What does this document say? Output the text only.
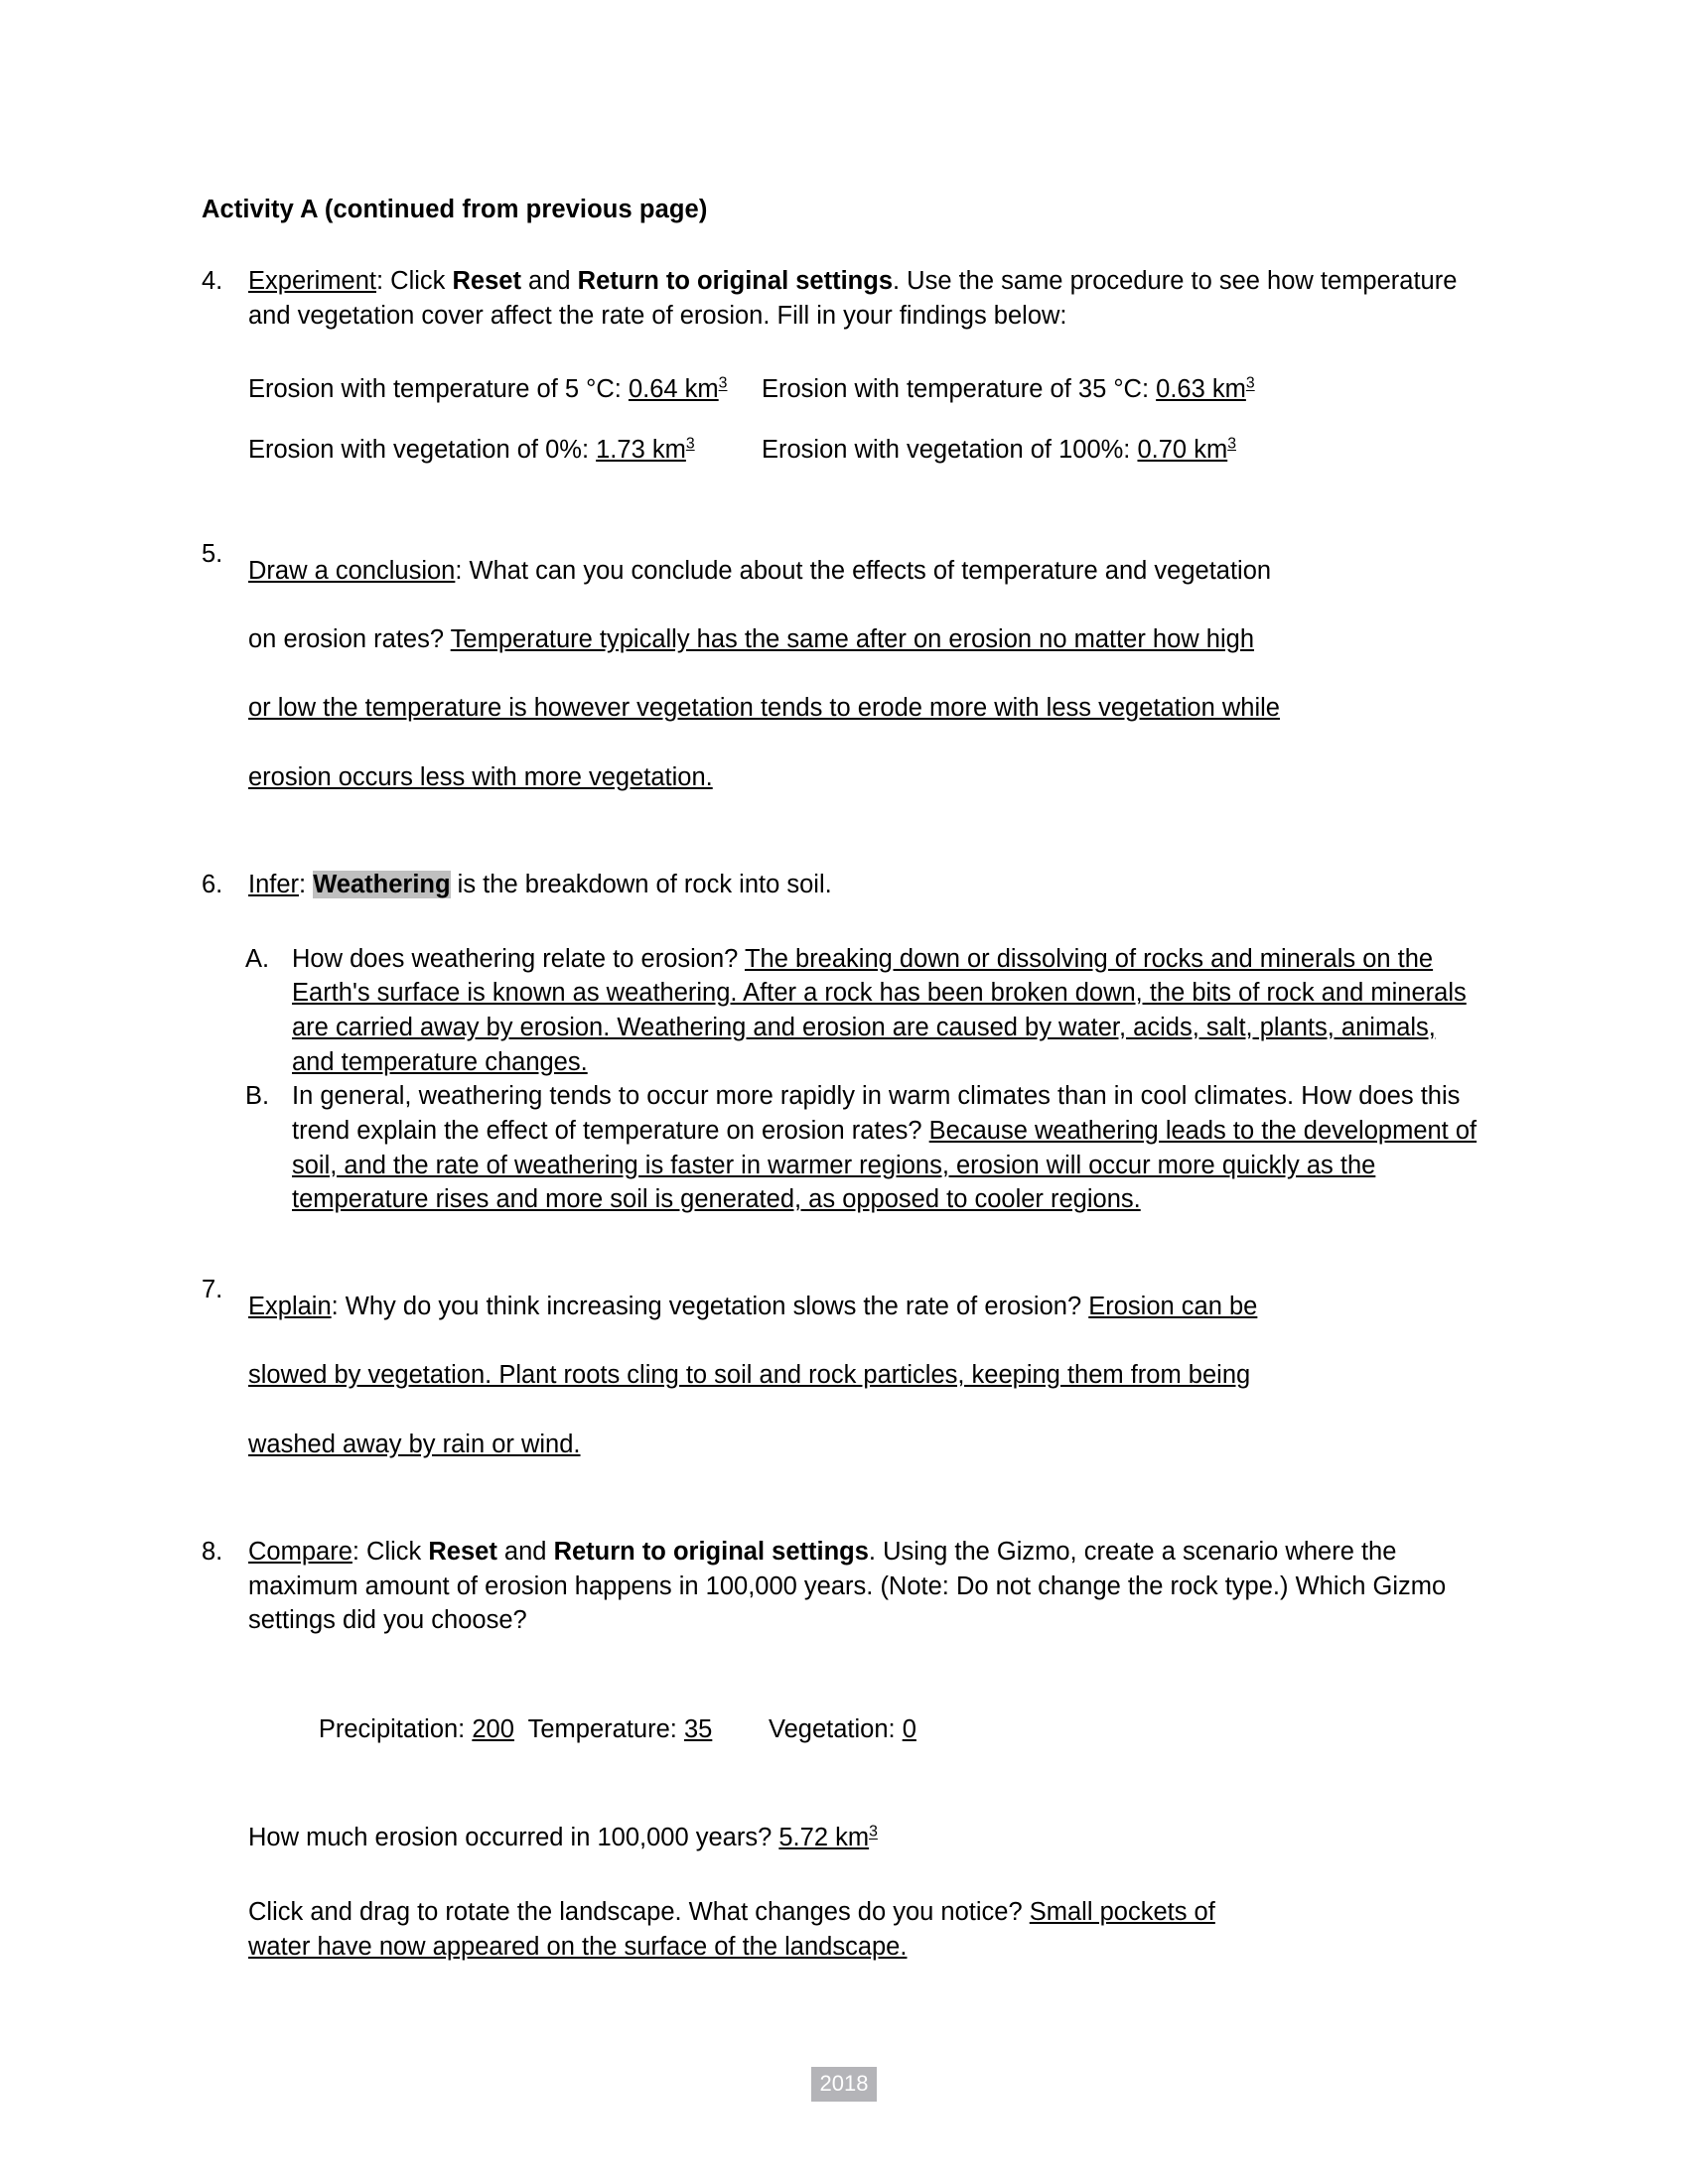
Activity A (continued from previous page)
4.	Experiment: Click Reset and Return to original settings. Use the same procedure to see how temperature and vegetation cover affect the rate of erosion. Fill in your findings below:
Erosion with temperature of 5 °C: 0.64 $km^3$	Erosion with temperature of 35 °C: 0.63 $km^3$
Erosion with vegetation of 0%: 1.73 $km^3$	Erosion with vegetation of 100%: 0.70 $km^3$
5.
Draw a conclusion: What can you conclude about the effects of temperature and vegetation
on erosion rates? Temperature typically has the same after on erosion no matter how high
or low the temperature is however vegetation tends to erode more with less vegetation while
erosion occurs less with more vegetation.
6.	Infer: Weathering is the breakdown of rock into soil.
A. How does weathering relate to erosion? The breaking down or dissolving of rocks and minerals on the Earth's surface is known as weathering. After a rock has been broken down, the bits of rock and minerals are carried away by erosion. Weathering and erosion are caused by water, acids, salt, plants, animals, and temperature changes.
B. In general, weathering tends to occur more rapidly in warm climates than in cool climates. How does this trend explain the effect of temperature on erosion rates? Because weathering leads to the development of soil, and the rate of weathering is faster in warmer regions, erosion will occur more quickly as the temperature rises and more soil is generated, as opposed to cooler regions.
7.
Explain: Why do you think increasing vegetation slows the rate of erosion? Erosion can be
slowed by vegetation. Plant roots cling to soil and rock particles, keeping them from being
washed away by rain or wind.
8.	Compare: Click Reset and Return to original settings. Using the Gizmo, create a scenario where the maximum amount of erosion happens in 100,000 years. (Note: Do not change the rock type.) Which Gizmo settings did you choose?

Precipitation: 200  Temperature: 35        Vegetation: 0

How much erosion occurred in 100,000 years? 5.72 $km^3$
Click and drag to rotate the landscape. What changes do you notice? Small pockets of
water have now appeared on the surface of the landscape.
2018
